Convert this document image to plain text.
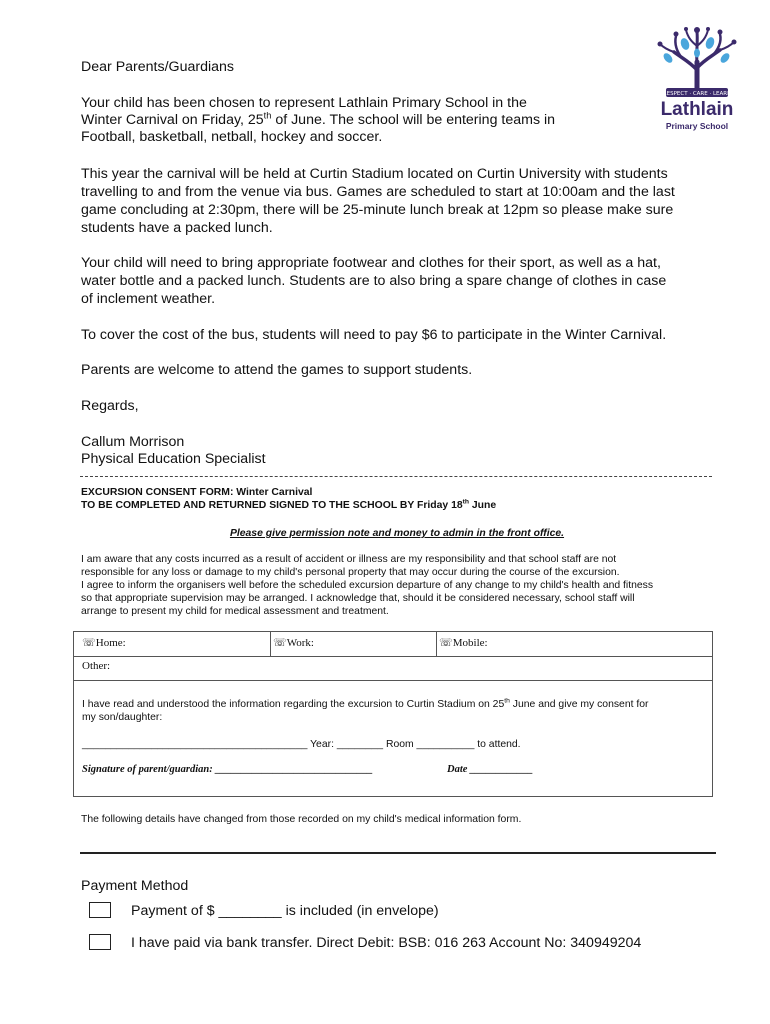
RESPECT · CARE · LEARN
Lathlain
Primary School
Dear Parents/Guardians
Your child has been chosen to represent Lathlain Primary School in the
Winter Carnival on Friday, 25th of June. The school will be entering teams in
Football, basketball, netball, hockey and soccer.
This year the carnival will be held at Curtin Stadium located on Curtin University with students
travelling to and from the venue via bus. Games are scheduled to start at 10:00am and the last
game concluding at 2:30pm, there will be 25-minute lunch break at 12pm so please make sure
students have a packed lunch.
Your child will need to bring appropriate footwear and clothes for their sport, as well as a hat,
water bottle and a packed lunch. Students are to also bring a spare change of clothes in case
of inclement weather.
To cover the cost of the bus, students will need to pay $6 to participate in the Winter Carnival.
Parents are welcome to attend the games to support students.
Regards,
Callum Morrison
Physical Education Specialist
EXCURSION CONSENT FORM: Winter Carnival
TO BE COMPLETED AND RETURNED SIGNED TO THE SCHOOL BY Friday 18th June
Please give permission note and money to admin in the front office.
I am aware that any costs incurred as a result of accident or illness are my responsibility and that school staff are not
responsible for any loss or damage to my child's personal property that may occur during the course of the excursion.
I agree to inform the organisers well before the scheduled excursion departure of any change to my child's health and fitness
so that appropriate supervision may be arranged. I acknowledge that, should it be considered necessary, school staff will
arrange to present my child for medical assessment and treatment.
☏Home:	☏Work:	☏Mobile:
Other:
I have read and understood the information regarding the excursion to Curtin Stadium on 25th June and give my consent for
my son/daughter:
_______________________________________ Year: ________ Room __________ to attend.
Signature of parent/guardian: ______________________________	Date ____________
The following details have changed from those recorded on my child's medical information form.
Payment Method
Payment of $ ________ is included (in envelope)
I have paid via bank transfer. Direct Debit: BSB: 016 263 Account No: 340949204
